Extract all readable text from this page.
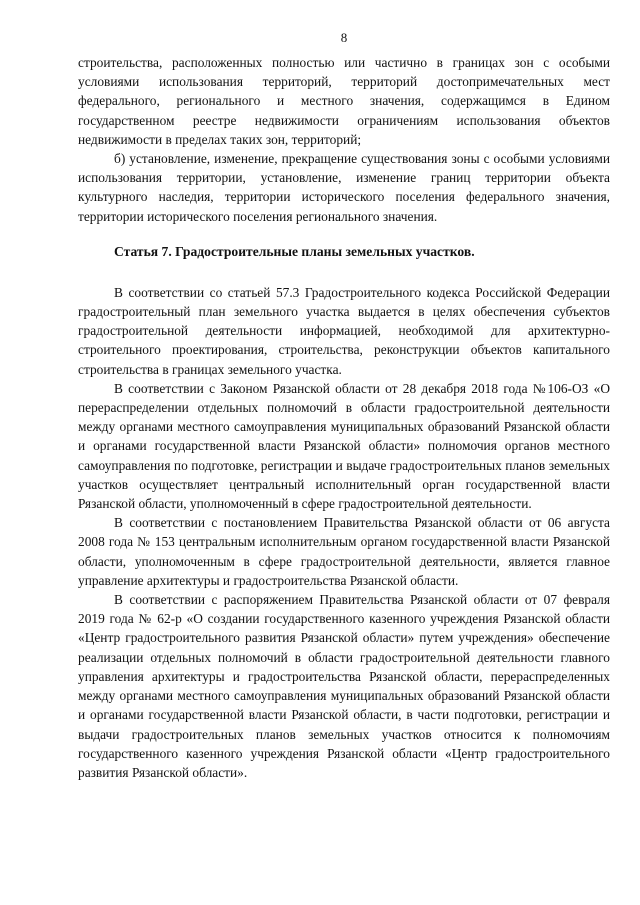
8

строительства, расположенных полностью или частично в границах зон с особыми условиями использования территорий, территорий достопримечательных мест федерального, регионального и местного значения, содержащимся в Едином государственном реестре недвижимости ограничениям использования объектов недвижимости в пределах таких зон, территорий;

б) установление, изменение, прекращение существования зоны с особыми условиями использования территории, установление, изменение границ территории объекта культурного наследия, территории исторического поселения федерального значения, территории исторического поселения регионального значения.

Статья 7. Градостроительные планы земельных участков.

В соответствии со статьей 57.3 Градостроительного кодекса Российской Федерации градостроительный план земельного участка выдается в целях обеспечения субъектов градостроительной деятельности информацией, необходимой для архитектурно-строительного проектирования, строительства, реконструкции объектов капитального строительства в границах земельного участка.

В соответствии с Законом Рязанской области от 28 декабря 2018 года №106-ОЗ «О перераспределении отдельных полномочий в области градостроительной деятельности между органами местного самоуправления муниципальных образований Рязанской области и органами государственной власти Рязанской области» полномочия органов местного самоуправления по подготовке, регистрации и выдаче градостроительных планов земельных участков осуществляет центральный исполнительный орган государственной власти Рязанской области, уполномоченный в сфере градостроительной деятельности.

В соответствии с постановлением Правительства Рязанской области от 06 августа 2008 года № 153 центральным исполнительным органом государственной власти Рязанской области, уполномоченным в сфере градостроительной деятельности, является главное управление архитектуры и градостроительства Рязанской области.

В соответствии с распоряжением Правительства Рязанской области от 07 февраля 2019 года № 62-р «О создании государственного казенного учреждения Рязанской области «Центр градостроительного развития Рязанской области» путем учреждения» обеспечение реализации отдельных полномочий в области градостроительной деятельности главного управления архитектуры и градостроительства Рязанской области, перераспределенных между органами местного самоуправления муниципальных образований Рязанской области и органами государственной власти Рязанской области, в части подготовки, регистрации и выдачи градостроительных планов земельных участков относится к полномочиям государственного казенного учреждения Рязанской области «Центр градостроительного развития Рязанской области».
